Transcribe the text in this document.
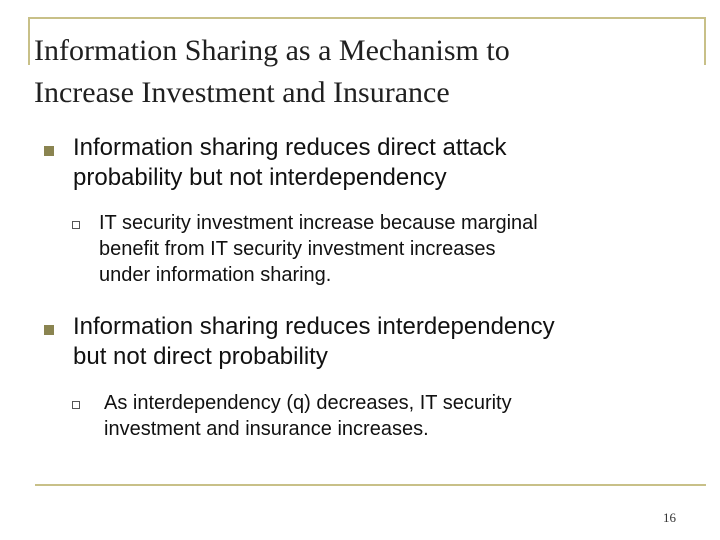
Information Sharing as a Mechanism to
Increase Investment and Insurance
Information sharing reduces direct attack
probability but not interdependency
IT security investment increase because marginal
benefit from IT security investment increases
under information sharing.
Information sharing reduces interdependency
but not direct probability
As interdependency (q) decreases, IT security
investment and insurance increases.
16
